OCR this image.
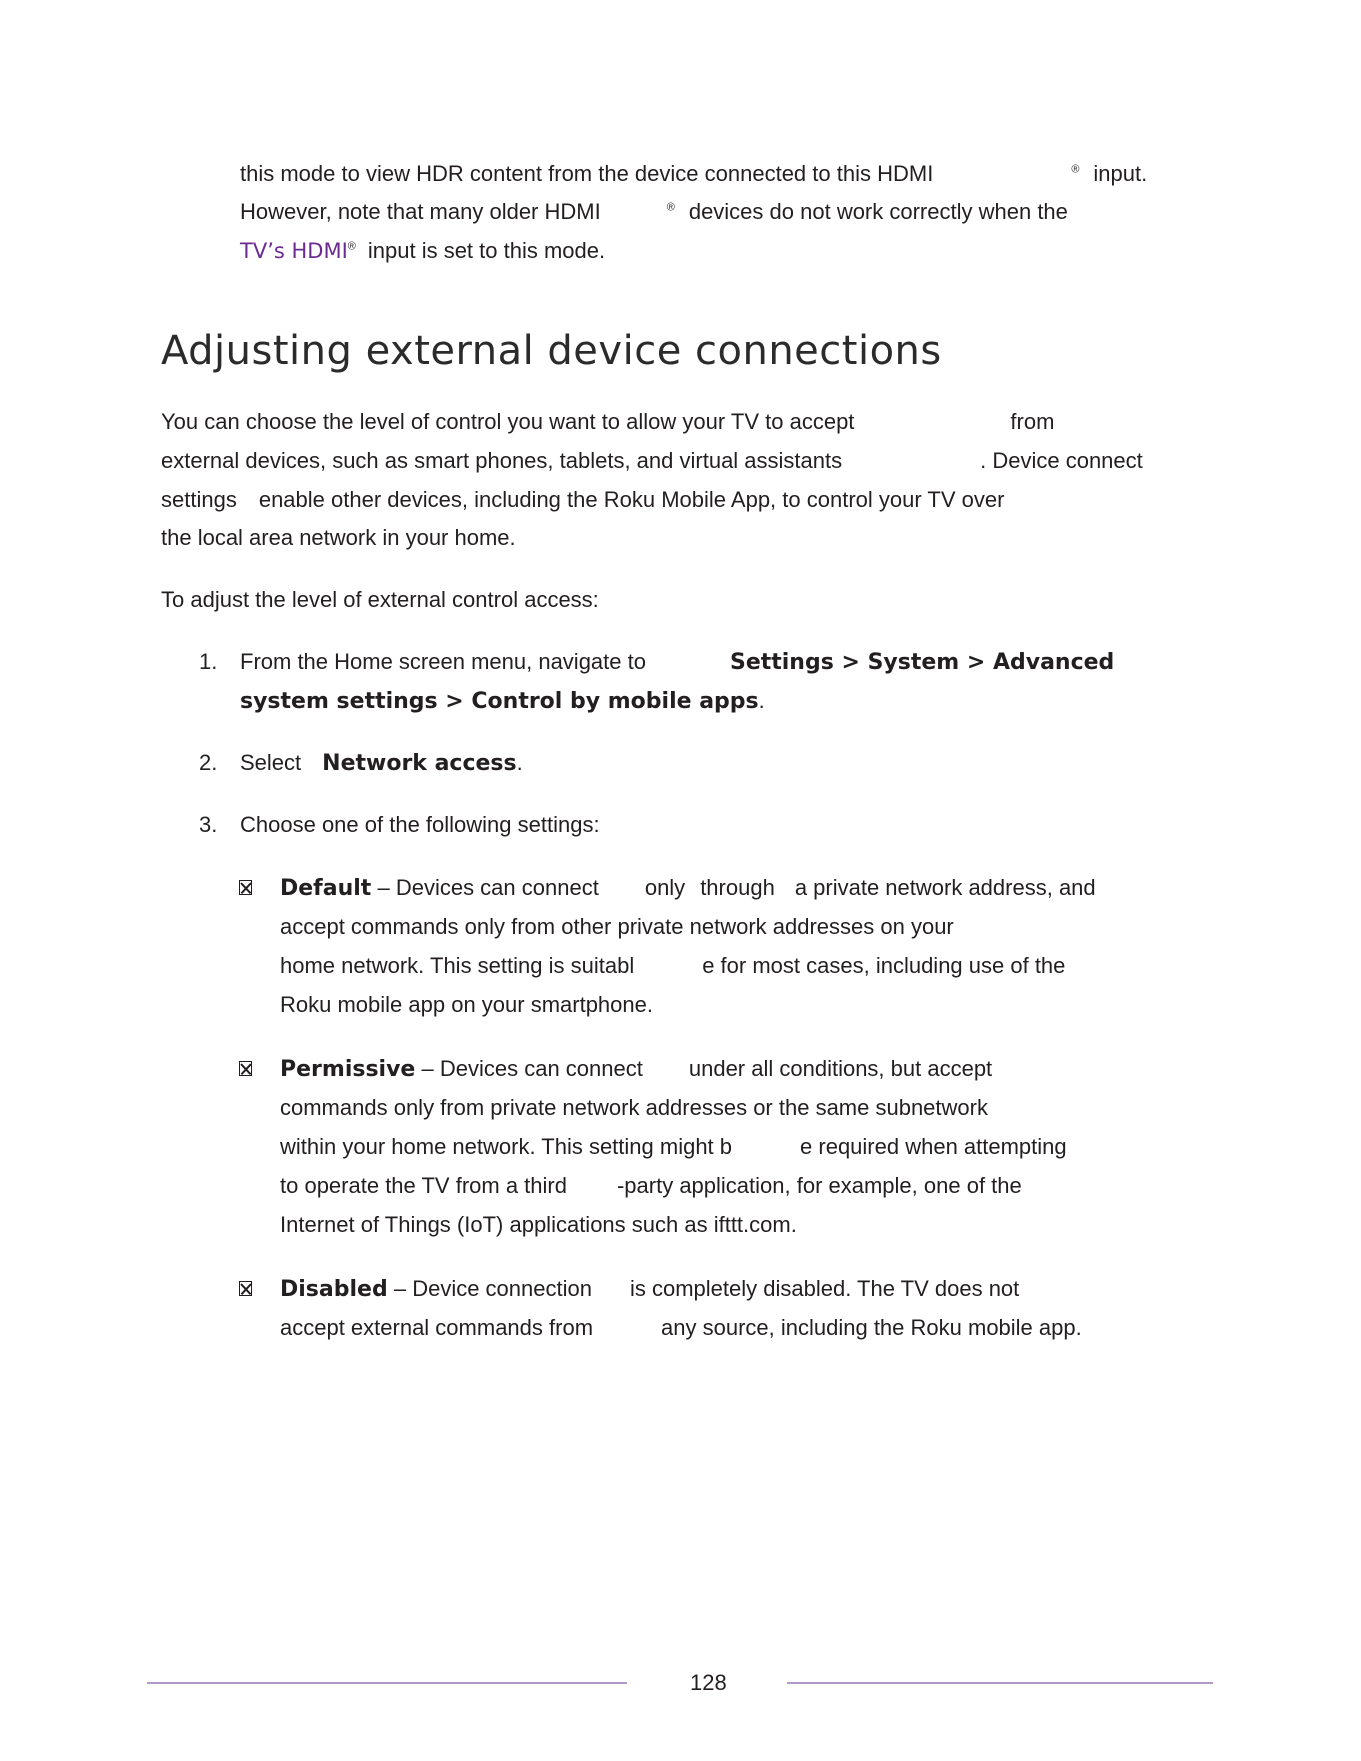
this mode to view HDR content from the device connected to this HDMI	® input.
However, note that many older HDMI	® devices do not work correctly when the
TV’s HDMI® input is set to this mode.
Adjusting external device connections
You can choose the level of control you want to allow your TV to accept	from
external devices, such as smart phones, tablets, and virtual assistants	. Device connect
settings enable other devices, including the Roku Mobile App, to control your TV over
the local area network in your home.
To adjust the level of external control access:
1. From the Home screen menu, navigate to	Settings > System > Advanced
system settings > Control by mobile apps.
2. Select Network access.
3. Choose one of the following settings:
Default – Devices can connect only through a private network address, and
accept commands only from other private network addresses on your
home network. This setting is suitabl	e for most cases, including use of the
Roku mobile app on your smartphone.
Permissive – Devices can connect under all conditions, but accept
commands only from private network addresses or the same subnetwork
within your home network. This setting might b	e required when attempting
to operate the TV from a third -party application, for example, one of the
Internet of Things (IoT) applications such as ifttt.com.
Disabled – Device connection is completely disabled. The TV does not
accept external commands from	any source, including the Roku mobile app.
128
